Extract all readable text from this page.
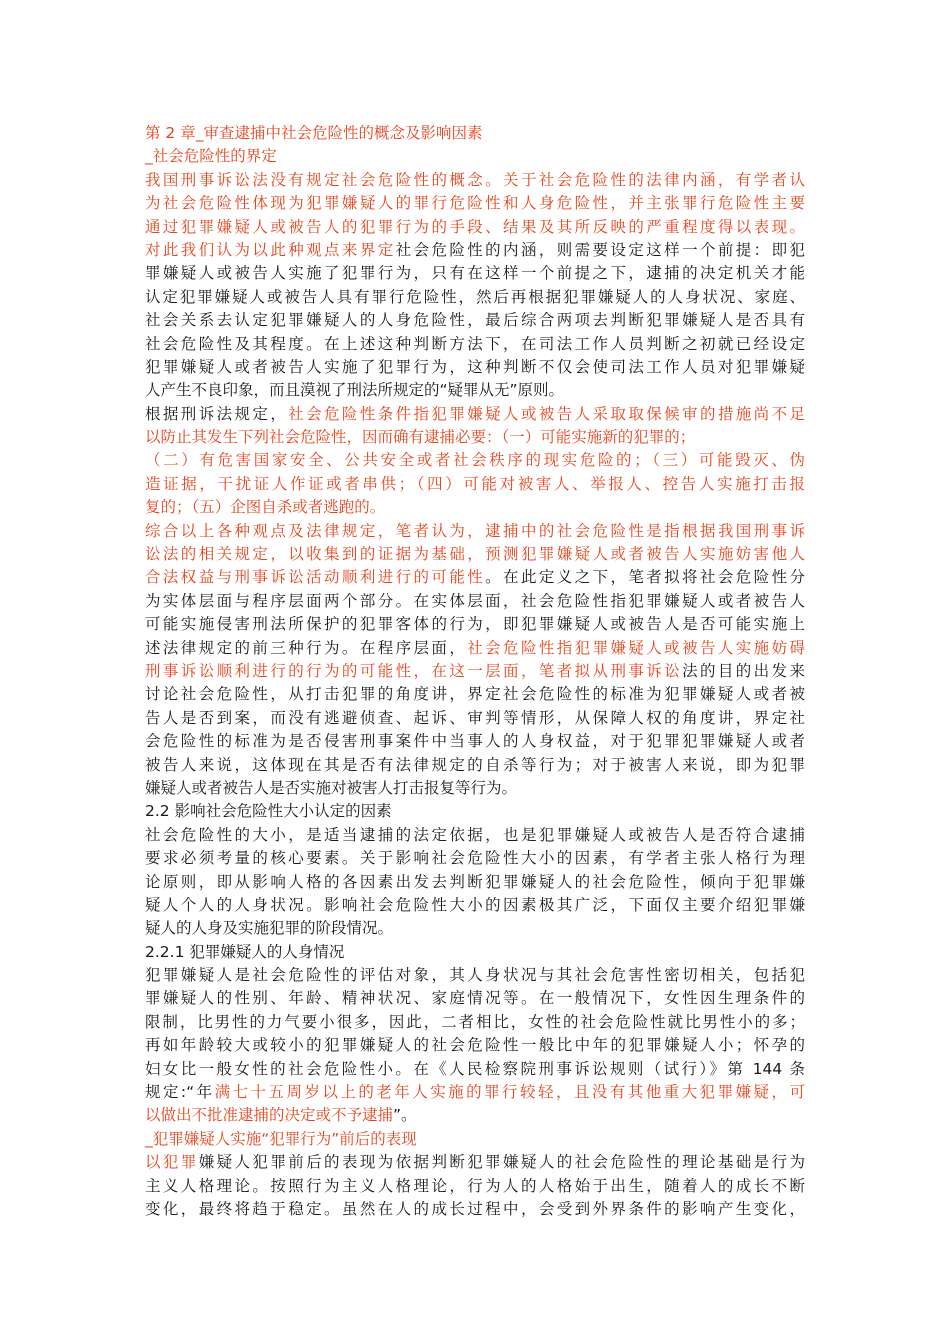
第 2 章_审查逮捕中社会危险性的概念及影响因素
_社会危险性的界定
我国刑事诉讼法没有规定社会危险性的概念。关于社会危险性的法律内涵，有学者认
为社会危险性体现为犯罪嫌疑人的罪行危险性和人身危险性，并主张罪行危险性主要
通过犯罪嫌疑人或被告人的犯罪行为的手段、结果及其所反映的严重程度得以表现。
对此我们认为以此种观点来界定社会危险性的内涵，则需要设定这样一个前提：即犯
罪嫌疑人或被告人实施了犯罪行为，只有在这样一个前提之下，逮捕的决定机关才能
认定犯罪嫌疑人或被告人具有罪行危险性，然后再根据犯罪嫌疑人的人身状况、家庭、
社会关系去认定犯罪嫌疑人的人身危险性，最后综合两项去判断犯罪嫌疑人是否具有
社会危险性及其程度。在上述这种判断方法下，在司法工作人员判断之初就已经设定
犯罪嫌疑人或者被告人实施了犯罪行为，这种判断不仅会使司法工作人员对犯罪嫌疑
人产生不良印象，而且漠视了刑法所规定的“疑罪从无”原则。
根据刑诉法规定，社会危险性条件指犯罪嫌疑人或被告人采取取保候审的措施尚不足
以防止其发生下列社会危险性，因而确有逮捕必要：（一）可能实施新的犯罪的；
（二）有危害国家安全、公共安全或者社会秩序的现实危险的；（三）可能毁灭、伪
造证据，干扰证人作证或者串供；（四）可能对被害人、举报人、控告人实施打击报
复的；（五）企图自杀或者逃跑的。
综合以上各种观点及法律规定，笔者认为，逮捕中的社会危险性是指根据我国刑事诉
讼法的相关规定，以收集到的证据为基础，预测犯罪嫌疑人或者被告人实施妨害他人
合法权益与刑事诉讼活动顺利进行的可能性。在此定义之下，笔者拟将社会危险性分
为实体层面与程序层面两个部分。在实体层面，社会危险性指犯罪嫌疑人或者被告人
可能实施侵害刑法所保护的犯罪客体的行为，即犯罪嫌疑人或被告人是否可能实施上
述法律规定的前三种行为。在程序层面，社会危险性指犯罪嫌疑人或被告人实施妨碍
刑事诉讼顺利进行的行为的可能性，在这一层面，笔者拟从刑事诉讼法的目的出发来
讨论社会危险性，从打击犯罪的角度讲，界定社会危险性的标准为犯罪嫌疑人或者被
告人是否到案，而没有逃避侦查、起诉、审判等情形，从保障人权的角度讲，界定社
会危险性的标准为是否侵害刑事案件中当事人的人身权益，对于犯罪犯罪嫌疑人或者
被告人来说，这体现在其是否有法律规定的自杀等行为；对于被害人来说，即为犯罪
嫌疑人或者被告人是否实施对被害人打击报复等行为。
2.2 影响社会危险性大小认定的因素
社会危险性的大小，是适当逮捕的法定依据，也是犯罪嫌疑人或被告人是否符合逮捕
要求必须考量的核心要素。关于影响社会危险性大小的因素，有学者主张人格行为理
论原则，即从影响人格的各因素出发去判断犯罪嫌疑人的社会危险性，倾向于犯罪嫌
疑人个人的人身状况。影响社会危险性大小的因素极其广泛，下面仅主要介绍犯罪嫌
疑人的人身及实施犯罪的阶段情况。
2.2.1 犯罪嫌疑人的人身情况
犯罪嫌疑人是社会危险性的评估对象，其人身状况与其社会危害性密切相关，包括犯
罪嫌疑人的性别、年龄、精神状况、家庭情况等。在一般情况下，女性因生理条件的
限制，比男性的力气要小很多，因此，二者相比，女性的社会危险性就比男性小的多；
再如年龄较大或较小的犯罪嫌疑人的社会危险性一般比中年的犯罪嫌疑人小；怀孕的
妇女比一般女性的社会危险性小。在《人民检察院刑事诉讼规则（试行）》第 144 条
规定:“年满七十五周岁以上的老年人实施的罪行较轻，且没有其他重大犯罪嫌疑，可
以做出不批准逮捕的决定或不予逮捕”。
_犯罪嫌疑人实施“犯罪行为”前后的表现
以犯罪嫌疑人犯罪前后的表现为依据判断犯罪嫌疑人的社会危险性的理论基础是行为
主义人格理论。按照行为主义人格理论，行为人的人格始于出生，随着人的成长不断
变化，最终将趋于稳定。虽然在人的成长过程中，会受到外界条件的影响产生变化，
